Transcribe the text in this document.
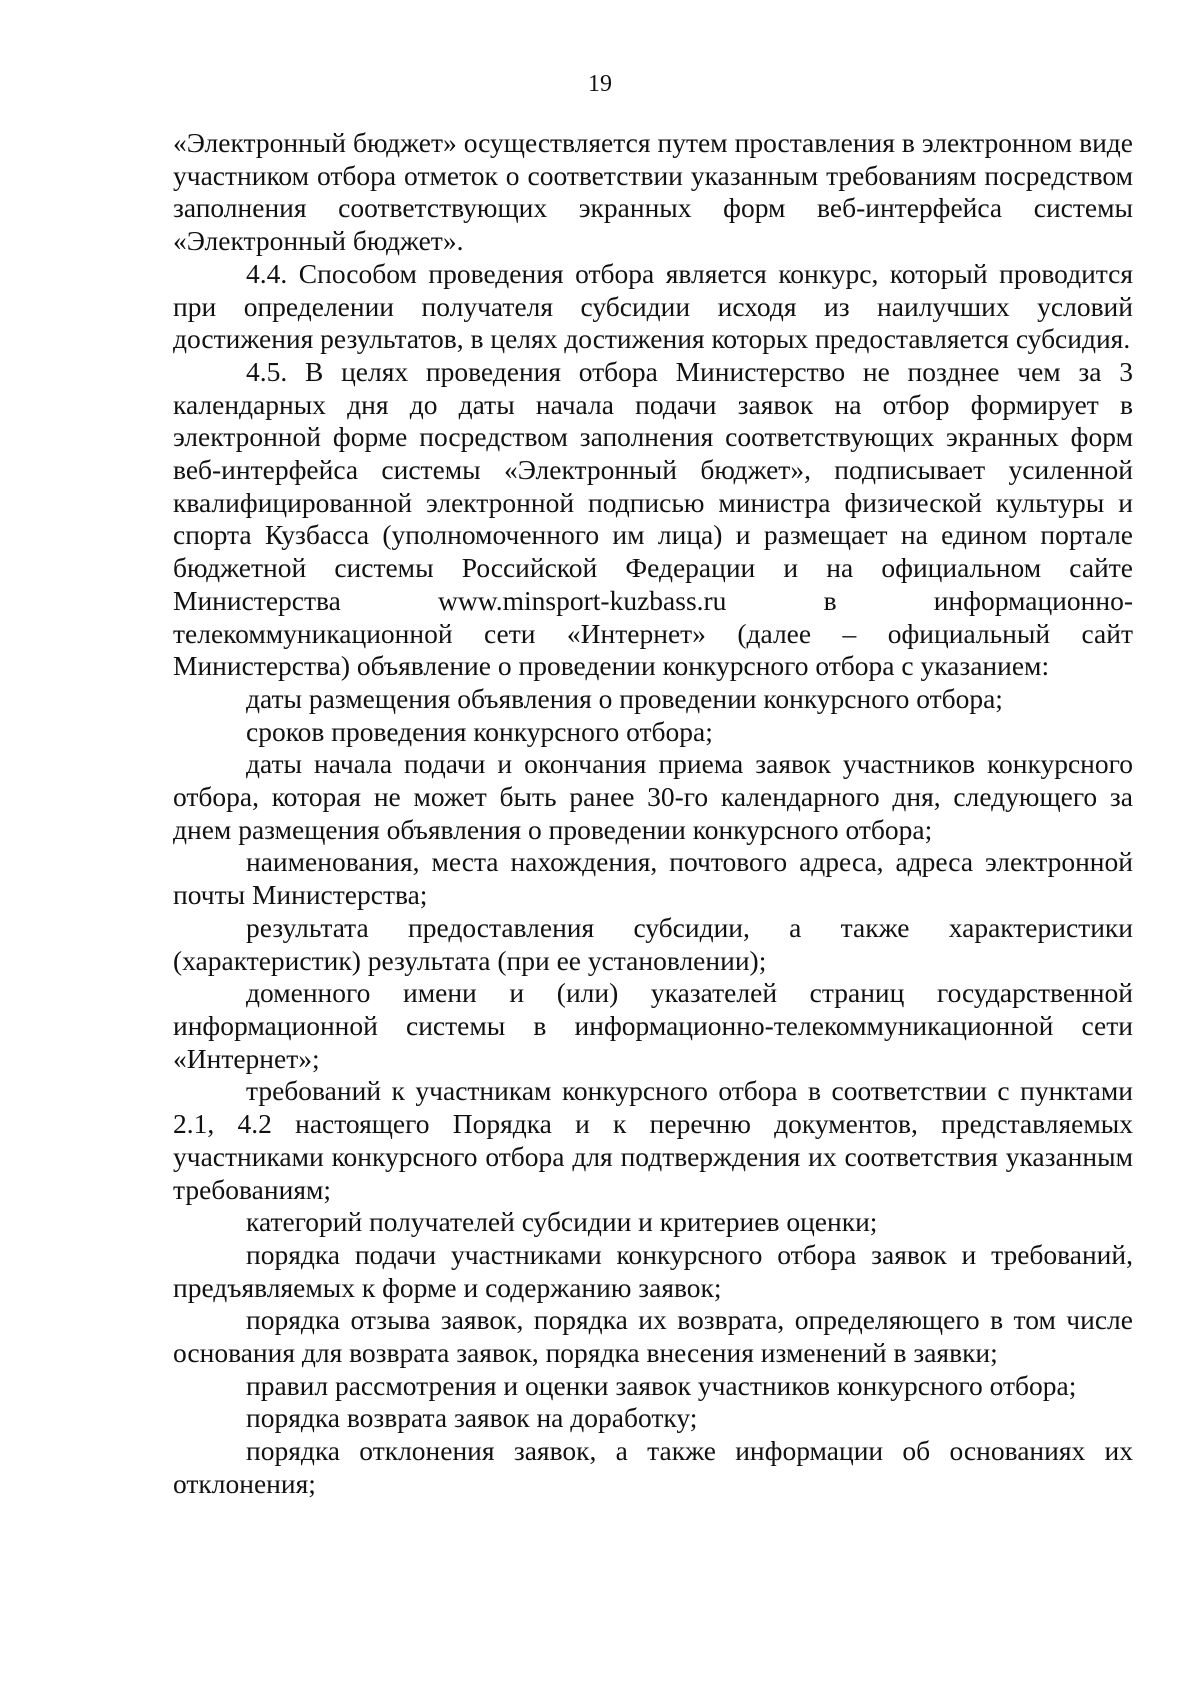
19

«Электронный бюджет» осуществляется путем проставления в электронном виде участником отбора отметок о соответствии указанным требованиям посредством заполнения соответствующих экранных форм веб-интерфейса системы «Электронный бюджет».

4.4. Способом проведения отбора является конкурс, который проводится при определении получателя субсидии исходя из наилучших условий достижения результатов, в целях достижения которых предоставляется субсидия.

4.5. В целях проведения отбора Министерство не позднее чем за 3 календарных дня до даты начала подачи заявок на отбор формирует в электронной форме посредством заполнения соответствующих экранных форм веб-интерфейса системы «Электронный бюджет», подписывает усиленной квалифицированной электронной подписью министра физической культуры и спорта Кузбасса (уполномоченного им лица) и размещает на едином портале бюджетной системы Российской Федерации и на официальном сайте Министерства www.minsport-kuzbass.ru в информационно-телекоммуникационной сети «Интернет» (далее – официальный сайт Министерства) объявление о проведении конкурсного отбора с указанием:

даты размещения объявления о проведении конкурсного отбора;

сроков проведения конкурсного отбора;

даты начала подачи и окончания приема заявок участников конкурсного отбора, которая не может быть ранее 30-го календарного дня, следующего за днем размещения объявления о проведении конкурсного отбора;

наименования, места нахождения, почтового адреса, адреса электронной почты Министерства;

результата предоставления субсидии, а также характеристики (характеристик) результата (при ее установлении);

доменного имени и (или) указателей страниц государственной информационной системы в информационно-телекоммуникационной сети «Интернет»;

требований к участникам конкурсного отбора в соответствии с пунктами 2.1, 4.2 настоящего Порядка и к перечню документов, представляемых участниками конкурсного отбора для подтверждения их соответствия указанным требованиям;

категорий получателей субсидии и критериев оценки;

порядка подачи участниками конкурсного отбора заявок и требований, предъявляемых к форме и содержанию заявок;

порядка отзыва заявок, порядка их возврата, определяющего в том числе основания для возврата заявок, порядка внесения изменений в заявки;

правил рассмотрения и оценки заявок участников конкурсного отбора;

порядка возврата заявок на доработку;

порядка отклонения заявок, а также информации об основаниях их отклонения;
